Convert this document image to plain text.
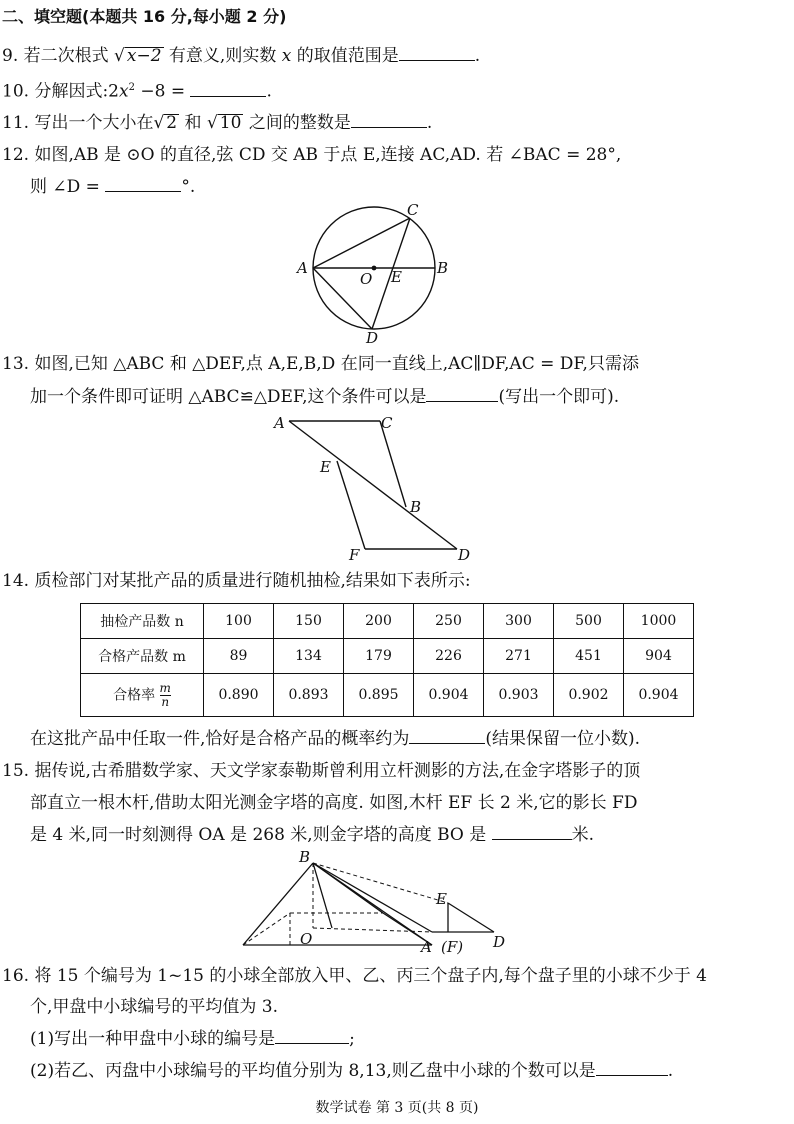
二、填空题(本题共 16 分,每小题 2 分)
9. 若二次根式 √ x−2 有意义,则实数 x 的取值范围是	.
10. 分解因式$:2x^2 -8$ =	.
11. 写出一个大小在√ 2 和 √ 10 之间的整数是	.
12. 如图,AB 是 ⊙O 的直径,弦 CD 交 AB 于点 E,连接 AC,AD. 若 ∠BAC = 28°,
则 ∠D =	°.
A	B
C
D
O E
13. 如图,已知 △ABC 和 △DEF,点 A,E,B,D 在同一直线上,AC∥DF,AC = DF,只需添
加一个条件即可证明 △ABC≌△DEF,这个条件可以是	(写出一个即可).
A	C
E
B
F	D
14. 质检部门对某批产品的质量进行随机抽检,结果如下表所示:
抽检产品数 n	100	150	200	250	300	500	1000
合格产品数 m	89	134	179	226	271	451	904
合格率 $\frac{m}{n}$	0.890	0.893	0.895	0.904	0.903	0.902	0.904
在这批产品中任取一件,恰好是合格产品的概率约为	(结果保留一位小数).
15. 据传说,古希腊数学家、天文学家泰勒斯曾利用立杆测影的方法,在金字塔影子的顶
部直立一根木杆,借助太阳光测金字塔的高度. 如图,木杆 EF 长 2 米,它的影长 FD
是 4 米,同一时刻测得 OA 是 268 米,则金字塔的高度 BO 是	米.
B
O	A (F) D
E
16. 将 15 个编号为 1~15 的小球全部放入甲、乙、丙三个盘子内,每个盘子里的小球不少于 4
个,甲盘中小球编号的平均值为 3.
(1)写出一种甲盘中小球的编号是	;
(2)若乙、丙盘中小球编号的平均值分别为 8,13,则乙盘中小球的个数可以是	.
数学试卷 第 3 页(共 8 页)
